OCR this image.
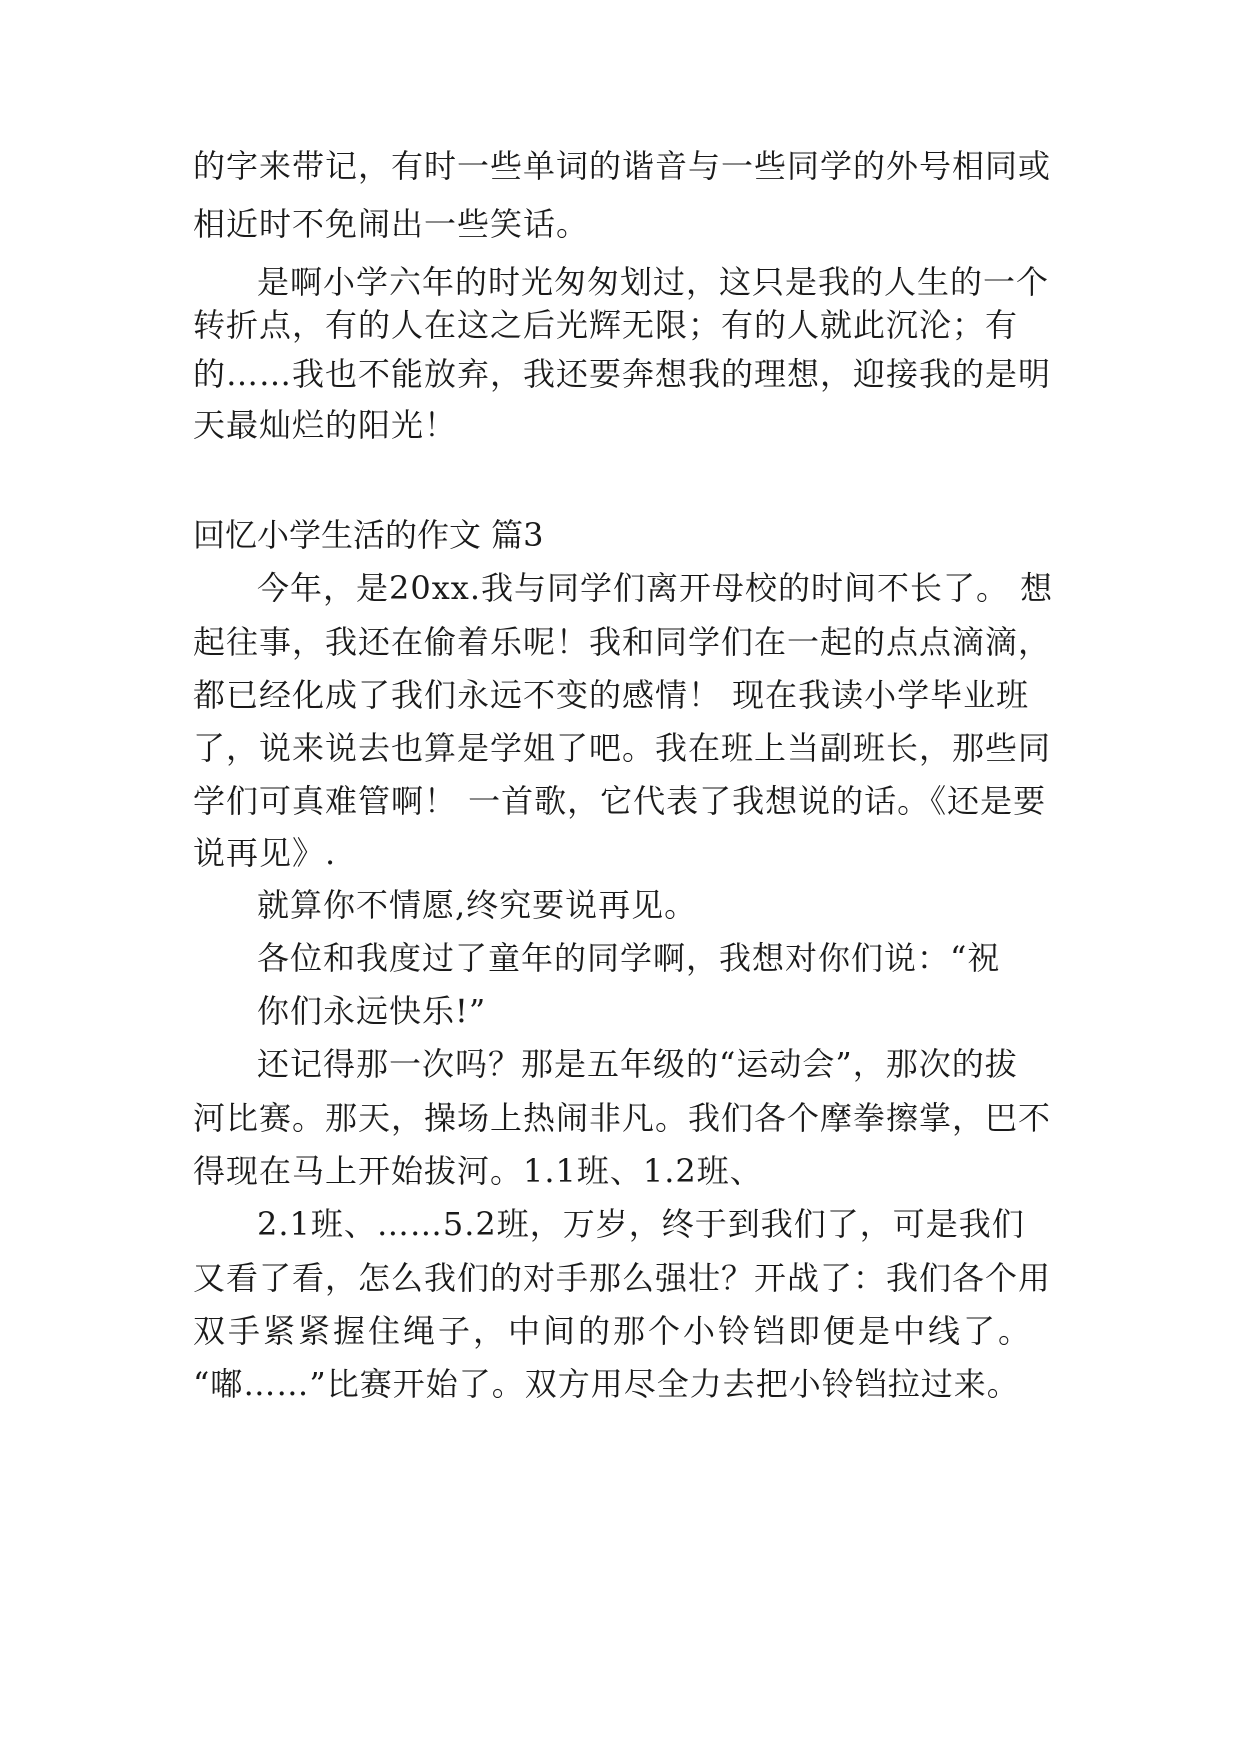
的字来带记，有时一些单词的谐音与一些同学的外号相同或
相近时不免闹出一些笑话。
是啊小学六年的时光匆匆划过，这只是我的人生的一个
转折点，有的人在这之后光辉无限；有的人就此沉沦；有
的……我也不能放弃，我还要奔想我的理想，迎接我的是明
天最灿烂的阳光！
回忆小学生活的作文 篇3
今年，是20xx.我与同学们离开母校的时间不长了。 想
起往事，我还在偷着乐呢！我和同学们在一起的点点滴滴，
都已经化成了我们永远不变的感情！ 现在我读小学毕业班
了，说来说去也算是学姐了吧。我在班上当副班长，那些同
学们可真难管啊！ 一首歌，它代表了我想说的话。《还是要
说再见》.
就算你不情愿,终究要说再见。
各位和我度过了童年的同学啊，我想对你们说：“祝
你们永远快乐!”
还记得那一次吗？那是五年级的“运动会”，那次的拔
河比赛。那天，操场上热闹非凡。我们各个摩拳擦掌，巴不
得现在马上开始拔河。1.1班、1.2班、
2.1班、……5.2班，万岁，终于到我们了，可是我们
又看了看，怎么我们的对手那么强壮？开战了：我们各个用
双手紧紧握住绳子，中间的那个小铃铛即便是中线了。
“嘟……”比赛开始了。双方用尽全力去把小铃铛拉过来。
